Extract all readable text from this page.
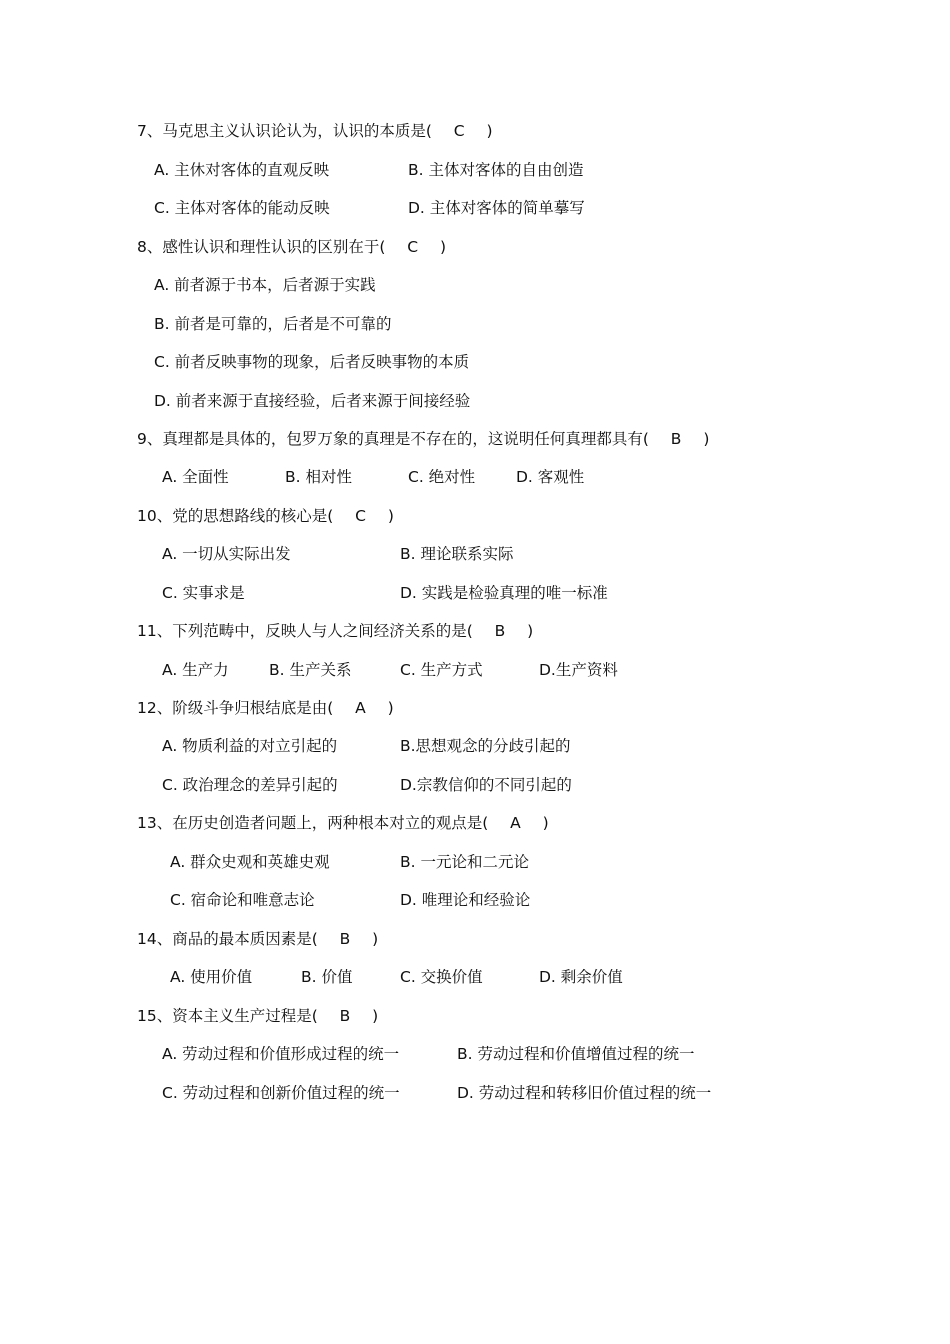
7、马克思主义认识论认为，认识的本质是( C )
A. 主休对客体的直观反映	B. 主体对客体的自由创造
C. 主体对客体的能动反映	D. 主体对客体的简单摹写
8、感性认识和理性认识的区别在于( C )
A. 前者源于书本，后者源于实践
B. 前者是可靠的，后者是不可靠的
C. 前者反映事物的现象，后者反映事物的本质
D. 前者来源于直接经验，后者来源于间接经验
9、真理都是具体的，包罗万象的真理是不存在的，这说明任何真理都具有( B )
A. 全面性	B. 相对性	C. 绝对性	D. 客观性
10、党的思想路线的核心是( C )
A. 一切从实际出发	B. 理论联系实际
C. 实事求是	D. 实践是检验真理的唯一标准
11、下列范畴中，反映人与人之间经济关系的是( B )
A. 生产力	B. 生产关系	C. 生产方式	D.生产资料
12、阶级斗争归根结底是由( A )
A. 物质利益的对立引起的	B.思想观念的分歧引起的
C. 政治理念的差异引起的	D.宗教信仰的不同引起的
13、在历史创造者问题上，两种根本对立的观点是( A )
A. 群众史观和英雄史观	B. 一元论和二元论
C. 宿命论和唯意志论	D. 唯理论和经验论
14、商品的最本质因素是( B )
A. 使用价值	B. 价值	C. 交换价值	D. 剩余价值
15、资本主义生产过程是( B )
A. 劳动过程和价值形成过程的统一	B. 劳动过程和价值增值过程的统一
C. 劳动过程和创新价值过程的统一	D. 劳动过程和转移旧价值过程的统一
